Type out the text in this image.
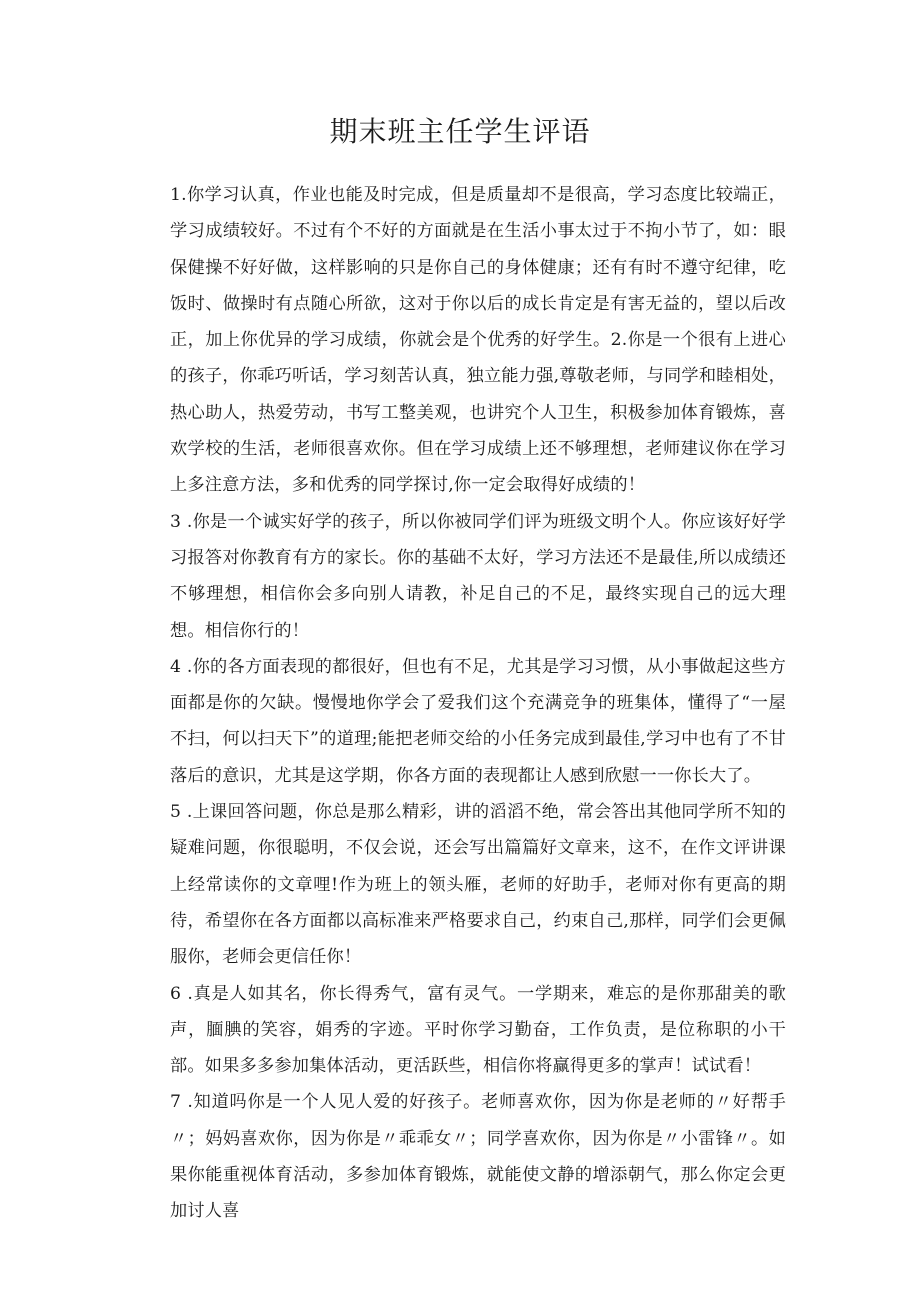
期末班主任学生评语

1.你学习认真，作业也能及时完成，但是质量却不是很高，学习态度比较端正，学习成绩较好。不过有个不好的方面就是在生活小事太过于不拘小节了，如：眼保健操不好好做，这样影响的只是你自己的身体健康；还有有时不遵守纪律，吃饭时、做操时有点随心所欲，这对于你以后的成长肯定是有害无益的，望以后改正，加上你优异的学习成绩，你就会是个优秀的好学生。2.你是一个很有上进心的孩子，你乖巧听话，学习刻苦认真，独立能力强,尊敬老师，与同学和睦相处，热心助人，热爱劳动，书写工整美观，也讲究个人卫生，积极参加体育锻炼，喜欢学校的生活，老师很喜欢你。但在学习成绩上还不够理想，老师建议你在学习上多注意方法，多和优秀的同学探讨,你一定会取得好成绩的！

3 .你是一个诚实好学的孩子，所以你被同学们评为班级文明个人。你应该好好学习报答对你教育有方的家长。你的基础不太好，学习方法还不是最佳,所以成绩还不够理想，相信你会多向别人请教，补足自己的不足，最终实现自己的远大理想。相信你行的！

4 .你的各方面表现的都很好，但也有不足，尤其是学习习惯，从小事做起这些方面都是你的欠缺。慢慢地你学会了爱我们这个充满竞争的班集体，懂得了“一屋不扫，何以扫天下”的道理;能把老师交给的小任务完成到最佳,学习中也有了不甘落后的意识，尤其是这学期，你各方面的表现都让人感到欣慰一一你长大了。

5 .上课回答问题，你总是那么精彩，讲的滔滔不绝，常会答出其他同学所不知的疑难问题，你很聪明，不仅会说，还会写出篇篇好文章来，这不，在作文评讲课上经常读你的文章哩!作为班上的领头雁，老师的好助手，老师对你有更高的期待，希望你在各方面都以高标准来严格要求自己，约束自己,那样，同学们会更佩服你，老师会更信任你！

6 .真是人如其名，你长得秀气，富有灵气。一学期来，难忘的是你那甜美的歌声，腼腆的笑容，娟秀的字迹。平时你学习勤奋，工作负责，是位称职的小干部。如果多多参加集体活动，更活跃些，相信你将赢得更多的掌声！试试看！

7 .知道吗你是一个人见人爱的好孩子。老师喜欢你，因为你是老师的〃好帮手〃；妈妈喜欢你，因为你是〃乖乖女〃；同学喜欢你，因为你是〃小雷锋〃。如果你能重视体育活动，多参加体育锻炼，就能使文静的增添朝气，那么你定会更加讨人喜
